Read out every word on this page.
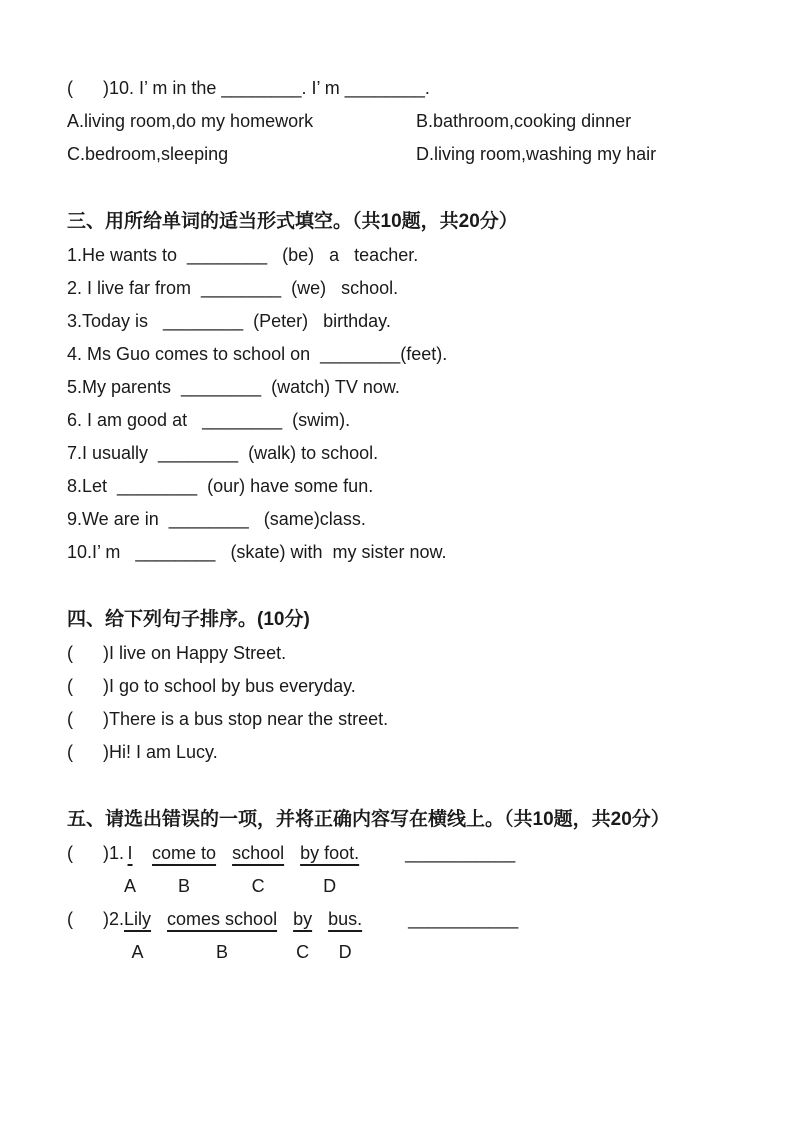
(      )10. I’ m in the ________. I’ m ________.

A.living room,do my homework	B.bathroom,cooking dinner
C.bedroom,sleeping	D.living room,washing my hair
三、用所给单词的适当形式填空。（共10题，共20分）

1.He wants to  ________   (be)   a   teacher.

2. I live far from  ________  (we)   school.

3.Today is   ________  (Peter)   birthday.

4. Ms Guo comes to school on  ________(feet).

5.My parents  ________  (watch) TV now.

6. I am good at   ________  (swim).

7.I usually  ________  (walk) to school.

8.Let  ________  (our) have some fun.

9.We are in  ________   (same)class.

10.I’ m   ________   (skate) with  my sister now.

四、给下列句子排序。(10分)

(      )I live on Happy Street.

(      )I go to school by bus everyday.

(      )There is a bus stop near the street.

(      )Hi! I am Lucy.

五、请选出错误的一项，并将正确内容写在横线上。（共10题，共20分）
(      )1. I
A
come to
B
school
C
by foot.
D
___________
(      )2. Lily
A
comes school
B
by
C
bus.
D
___________
